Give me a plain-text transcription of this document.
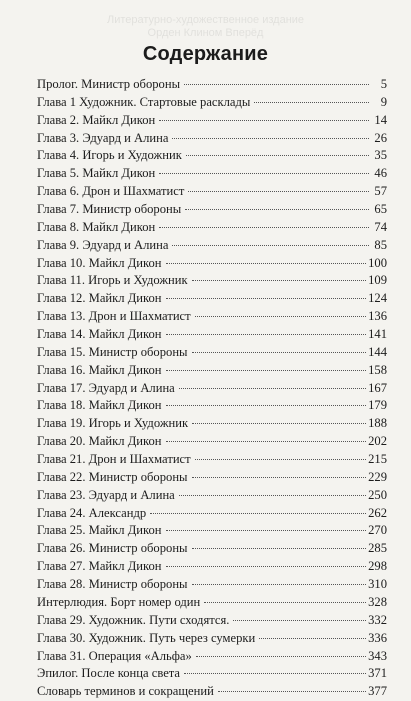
Литературно-художественное издание
Орден Клином Вперёд
Содержание
Пролог. Министр обороны	5
Глава 1 Художник. Стартовые расклады	9
Глава 2. Майкл Дикон	14
Глава 3. Эдуард и Алина	26
Глава 4. Игорь и Художник	35
Глава 5. Майкл Дикон	46
Глава 6. Дрон и Шахматист	57
Глава 7. Министр обороны	65
Глава 8. Майкл Дикон	74
Глава 9. Эдуард и Алина	85
Глава 10. Майкл Дикон	100
Глава 11. Игорь и Художник	109
Глава 12. Майкл Дикон	124
Глава 13. Дрон и Шахматист	136
Глава 14. Майкл Дикон	141
Глава 15. Министр обороны	144
Глава 16. Майкл Дикон	158
Глава 17. Эдуард и Алина	167
Глава 18. Майкл Дикон	179
Глава 19. Игорь и Художник	188
Глава 20. Майкл Дикон	202
Глава 21. Дрон и Шахматист	215
Глава 22. Министр обороны	229
Глава 23. Эдуард и Алина	250
Глава 24. Александр	262
Глава 25. Майкл Дикон	270
Глава 26. Министр обороны	285
Глава 27. Майкл Дикон	298
Глава 28. Министр обороны	310
Интерлюдия. Борт номер один	328
Глава 29. Художник. Пути сходятся.	332
Глава 30. Художник. Путь через сумерки	336
Глава 31. Операция «Альфа»	343
Эпилог. После конца света	371
Словарь терминов и сокращений	377
